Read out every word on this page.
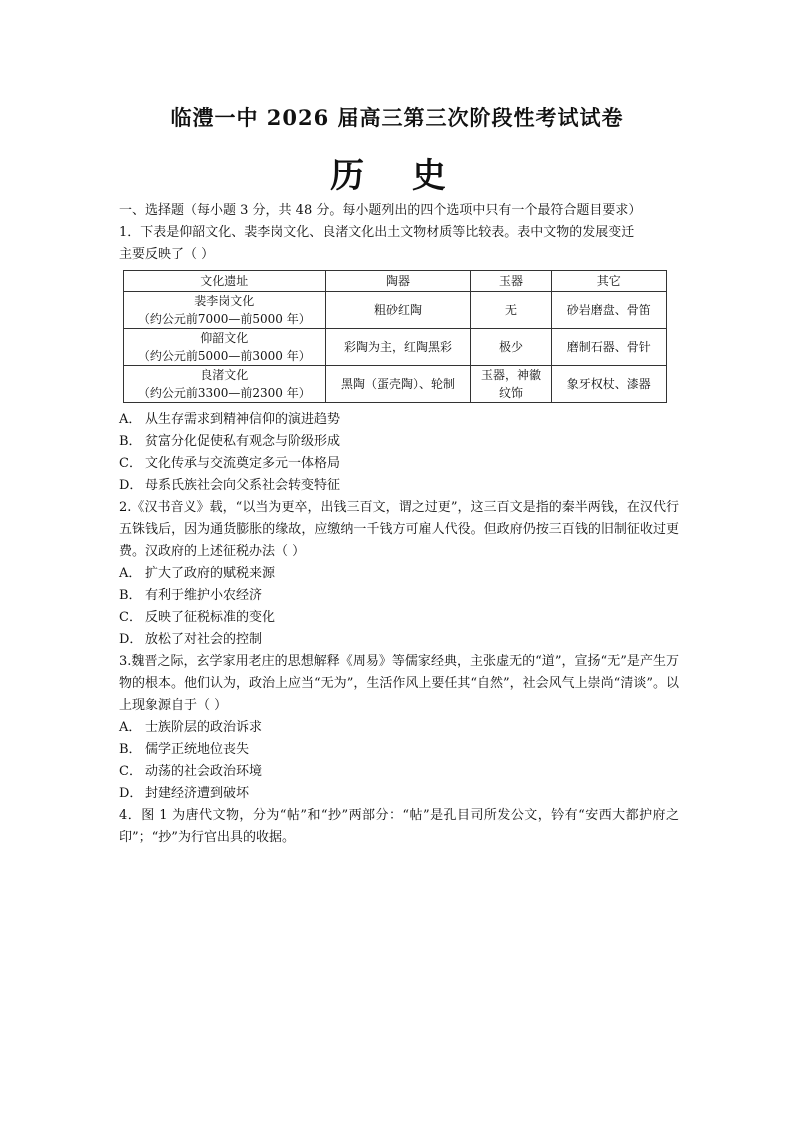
临澧一中 2026 届高三第三次阶段性考试试卷
历 史
一、选择题（每小题 3 分，共 48 分。每小题列出的四个选项中只有一个最符合题目要求）
1．下表是仰韶文化、裴李岗文化、良渚文化出土文物材质等比较表。表中文物的发展变迁
主要反映了（ ）
文化遗址	陶器	玉器	其它

裴李岗文化
（约公元前7000—前5000 年）	粗砂红陶	无	砂岩磨盘、骨笛

仰韶文化
（约公元前5000—前3000 年）	彩陶为主，红陶黑彩	极少	磨制石器、骨针

良渚文化
（约公元前3300—前2300 年）	黑陶（蛋壳陶）、轮制	玉器，神徽纹饰	象牙权杖、漆器
A． 从生存需求到精神信仰的演进趋势
B． 贫富分化促使私有观念与阶级形成
C． 文化传承与交流奠定多元一体格局
D． 母系氏族社会向父系社会转变特征
2.《汉书音义》载，“以当为更卒，出钱三百文，谓之过更”，这三百文是指的秦半两钱，在汉代行五铢钱后，因为通货膨胀的缘故，应缴纳一千钱方可雇人代役。但政府仍按三百钱的旧制征收过更费。汉政府的上述征税办法（ ）
A． 扩大了政府的赋税来源
B． 有利于维护小农经济
C． 反映了征税标准的变化
D． 放松了对社会的控制
3.魏晋之际，玄学家用老庄的思想解释《周易》等儒家经典，主张虚无的“道”，宣扬“无”是产生万物的根本。他们认为，政治上应当“无为”，生活作风上要任其“自然”，社会风气上崇尚“清谈”。以上现象源自于（ ）
A． 士族阶层的政治诉求
B． 儒学正统地位丧失
C． 动荡的社会政治环境
D． 封建经济遭到破坏
4．图 1 为唐代文物，分为“帖”和“抄”两部分：“帖”是孔目司所发公文，钤有“安西大都护府之印”；“抄”为行官出具的收据。
